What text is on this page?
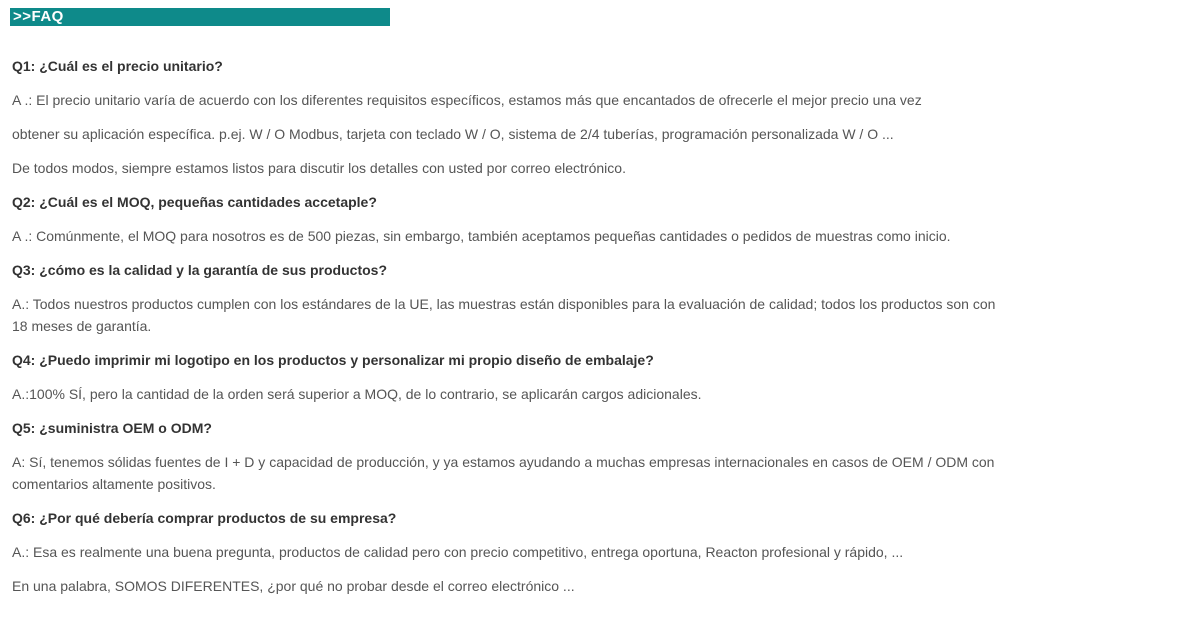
>>FAQ
Q1: ¿Cuál es el precio unitario?
A .: El precio unitario varía de acuerdo con los diferentes requisitos específicos, estamos más que encantados de ofrecerle el mejor precio una vez
obtener su aplicación específica. p.ej. W / O Modbus, tarjeta con teclado W / O, sistema de 2/4 tuberías, programación personalizada W / O ...
De todos modos, siempre estamos listos para discutir los detalles con usted por correo electrónico.
Q2: ¿Cuál es el MOQ, pequeñas cantidades accetaple?
A .: Comúnmente, el MOQ para nosotros es de 500 piezas, sin embargo, también aceptamos pequeñas cantidades o pedidos de muestras como inicio.
Q3: ¿cómo es la calidad y la garantía de sus productos?
A.: Todos nuestros productos cumplen con los estándares de la UE, las muestras están disponibles para la evaluación de calidad; todos los productos son con
18 meses de garantía.
Q4: ¿Puedo imprimir mi logotipo en los productos y personalizar mi propio diseño de embalaje?
A.:100% SÍ, pero la cantidad de la orden será superior a MOQ, de lo contrario, se aplicarán cargos adicionales.
Q5: ¿suministra OEM o ODM?
A: Sí, tenemos sólidas fuentes de I + D y capacidad de producción, y ya estamos ayudando a muchas empresas internacionales en casos de OEM / ODM con
comentarios altamente positivos.
Q6: ¿Por qué debería comprar productos de su empresa?
A.: Esa es realmente una buena pregunta, productos de calidad pero con precio competitivo, entrega oportuna, Reacton profesional y rápido, ...
En una palabra, SOMOS DIFERENTES, ¿por qué no probar desde el correo electrónico ...
